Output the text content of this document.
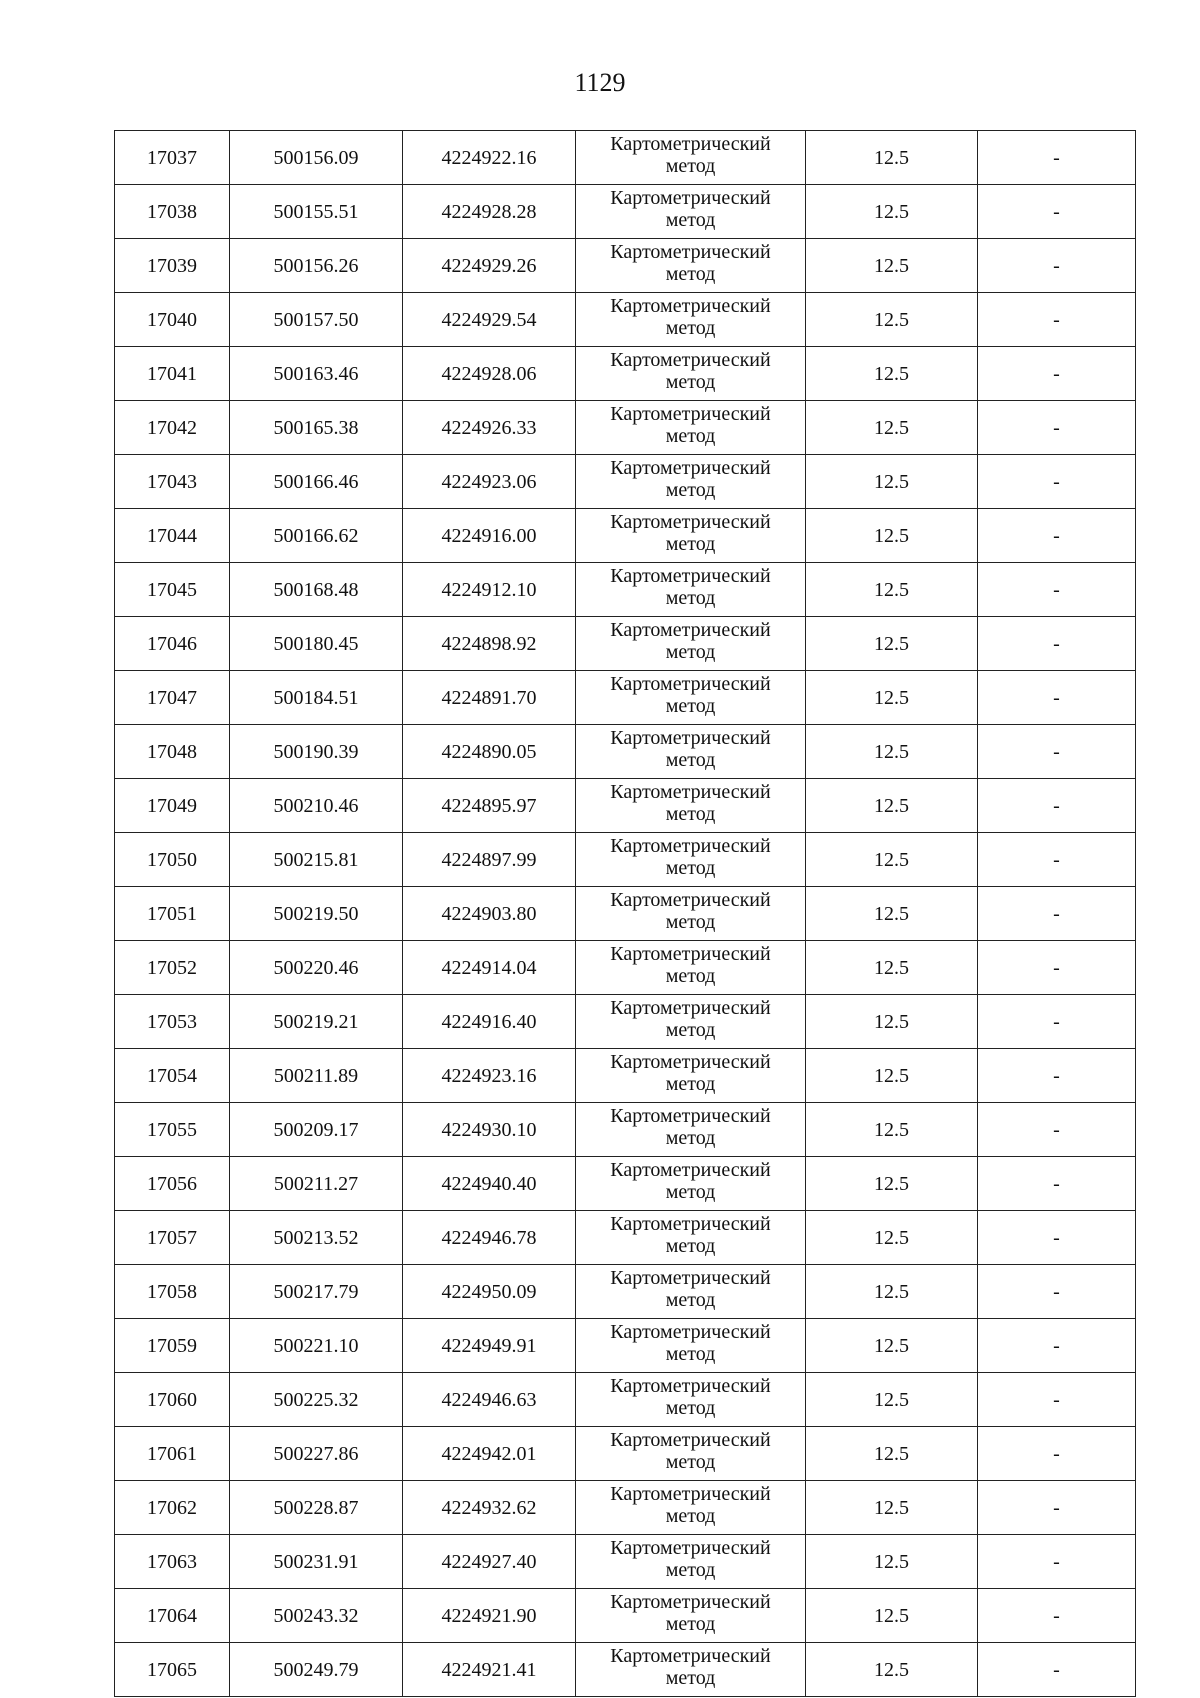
1129
17037	500156.09	4224922.16	Картометрический
метод	12.5	-
17038	500155.51	4224928.28	Картометрический
метод	12.5	-
17039	500156.26	4224929.26	Картометрический
метод	12.5	-
17040	500157.50	4224929.54	Картометрический
метод	12.5	-
17041	500163.46	4224928.06	Картометрический
метод	12.5	-
17042	500165.38	4224926.33	Картометрический
метод	12.5	-
17043	500166.46	4224923.06	Картометрический
метод	12.5	-
17044	500166.62	4224916.00	Картометрический
метод	12.5	-
17045	500168.48	4224912.10	Картометрический
метод	12.5	-
17046	500180.45	4224898.92	Картометрический
метод	12.5	-
17047	500184.51	4224891.70	Картометрический
метод	12.5	-
17048	500190.39	4224890.05	Картометрический
метод	12.5	-
17049	500210.46	4224895.97	Картометрический
метод	12.5	-
17050	500215.81	4224897.99	Картометрический
метод	12.5	-
17051	500219.50	4224903.80	Картометрический
метод	12.5	-
17052	500220.46	4224914.04	Картометрический
метод	12.5	-
17053	500219.21	4224916.40	Картометрический
метод	12.5	-
17054	500211.89	4224923.16	Картометрический
метод	12.5	-
17055	500209.17	4224930.10	Картометрический
метод	12.5	-
17056	500211.27	4224940.40	Картометрический
метод	12.5	-
17057	500213.52	4224946.78	Картометрический
метод	12.5	-
17058	500217.79	4224950.09	Картометрический
метод	12.5	-
17059	500221.10	4224949.91	Картометрический
метод	12.5	-
17060	500225.32	4224946.63	Картометрический
метод	12.5	-
17061	500227.86	4224942.01	Картометрический
метод	12.5	-
17062	500228.87	4224932.62	Картометрический
метод	12.5	-
17063	500231.91	4224927.40	Картометрический
метод	12.5	-
17064	500243.32	4224921.90	Картометрический
метод	12.5	-
17065	500249.79	4224921.41	Картометрический
метод	12.5	-
